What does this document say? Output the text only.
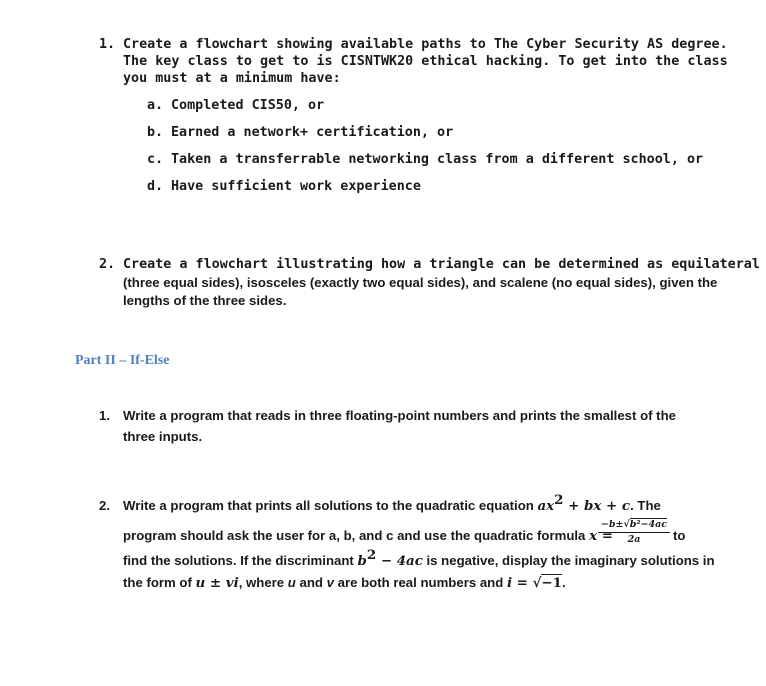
1. Create a flowchart showing available paths to The Cyber Security AS degree.
The key class to get to is CISNTWK20 ethical hacking. To get into the class
you must at a minimum have:
a. Completed CIS50, or
b. Earned a network+ certification, or
c. Taken a transferrable networking class from a different school, or
d. Have sufficient work experience
2. Create a flowchart illustrating how a triangle can be determined as equilateral
(three equal sides), isosceles (exactly two equal sides), and scalene (no equal sides), given the
lengths of the three sides.
Part II – If-Else
1. Write a program that reads in three floating-point numbers and prints the smallest of the
three inputs.
2. Write a program that prints all solutions to the quadratic equation $ax^2$ + bx + c. The
program should ask the user for a, b, and c and use the quadratic formula x =
$\frac{\text{−b±√b²−4ac}}{2a}$ to
find the solutions. If the discriminant $b^2 - 4ac$ is negative, display the imaginary solutions in
the form of u ± vi, where u and v are both real numbers and i = √−1.
